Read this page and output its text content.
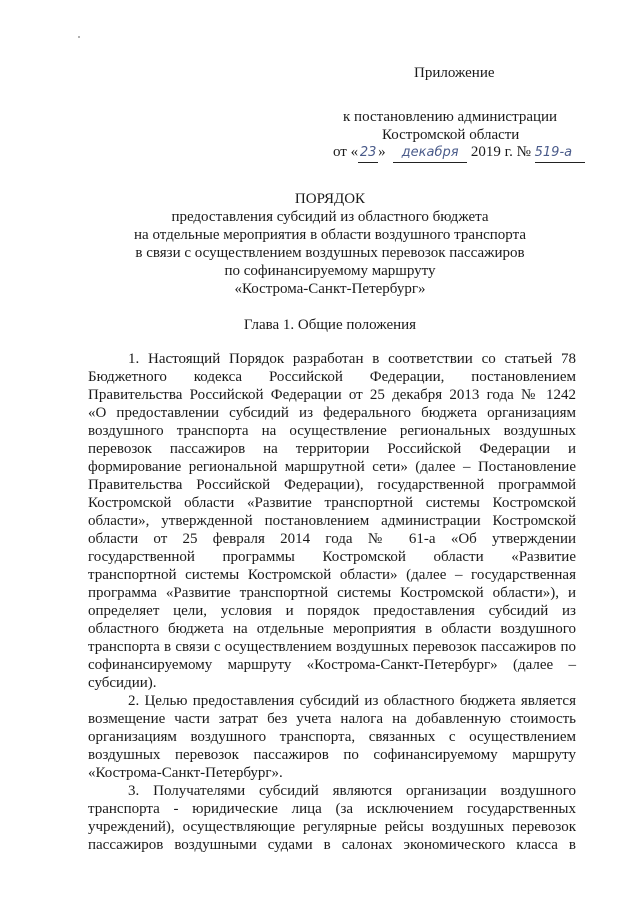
Приложение
к постановлению администрации
Костромской области
от « 23 » декабря 2019 г. № 519-а
ПОРЯДОК
предоставления субсидий из областного бюджета
на отдельные мероприятия в области воздушного транспорта
в связи с осуществлением воздушных перевозок пассажиров
по софинансируемому маршруту
«Кострома-Санкт-Петербург»
Глава 1. Общие положения
1. Настоящий Порядок разработан в соответствии со статьей 78
Бюджетного кодекса Российской Федерации, постановлением
Правительства Российской Федерации от 25 декабря 2013 года № 1242
«О предоставлении субсидий из федерального бюджета организациям
воздушного транспорта на осуществление региональных воздушных
перевозок пассажиров на территории Российской Федерации и
формирование региональной маршрутной сети» (далее – Постановление
Правительства Российской Федерации), государственной программой
Костромской области «Развитие транспортной системы Костромской
области», утвержденной постановлением администрации Костромской
области от 25 февраля 2014 года № 61-а «Об утверждении
государственной программы Костромской области «Развитие
транспортной системы Костромской области» (далее – государственная
программа «Развитие транспортной системы Костромской области»), и
определяет цели, условия и порядок предоставления субсидий из
областного бюджета на отдельные мероприятия в области воздушного
транспорта в связи с осуществлением воздушных перевозок пассажиров по
софинансируемому маршруту «Кострома-Санкт-Петербург» (далее –
субсидии).
2. Целью предоставления субсидий из областного бюджета является
возмещение части затрат без учета налога на добавленную стоимость
организациям воздушного транспорта, связанных с осуществлением
воздушных перевозок пассажиров по софинансируемому маршруту
«Кострома-Санкт-Петербург».
3. Получателями субсидий являются организации воздушного
транспорта - юридические лица (за исключением государственных
учреждений), осуществляющие регулярные рейсы воздушных перевозок
пассажиров воздушными судами в салонах экономического класса в
